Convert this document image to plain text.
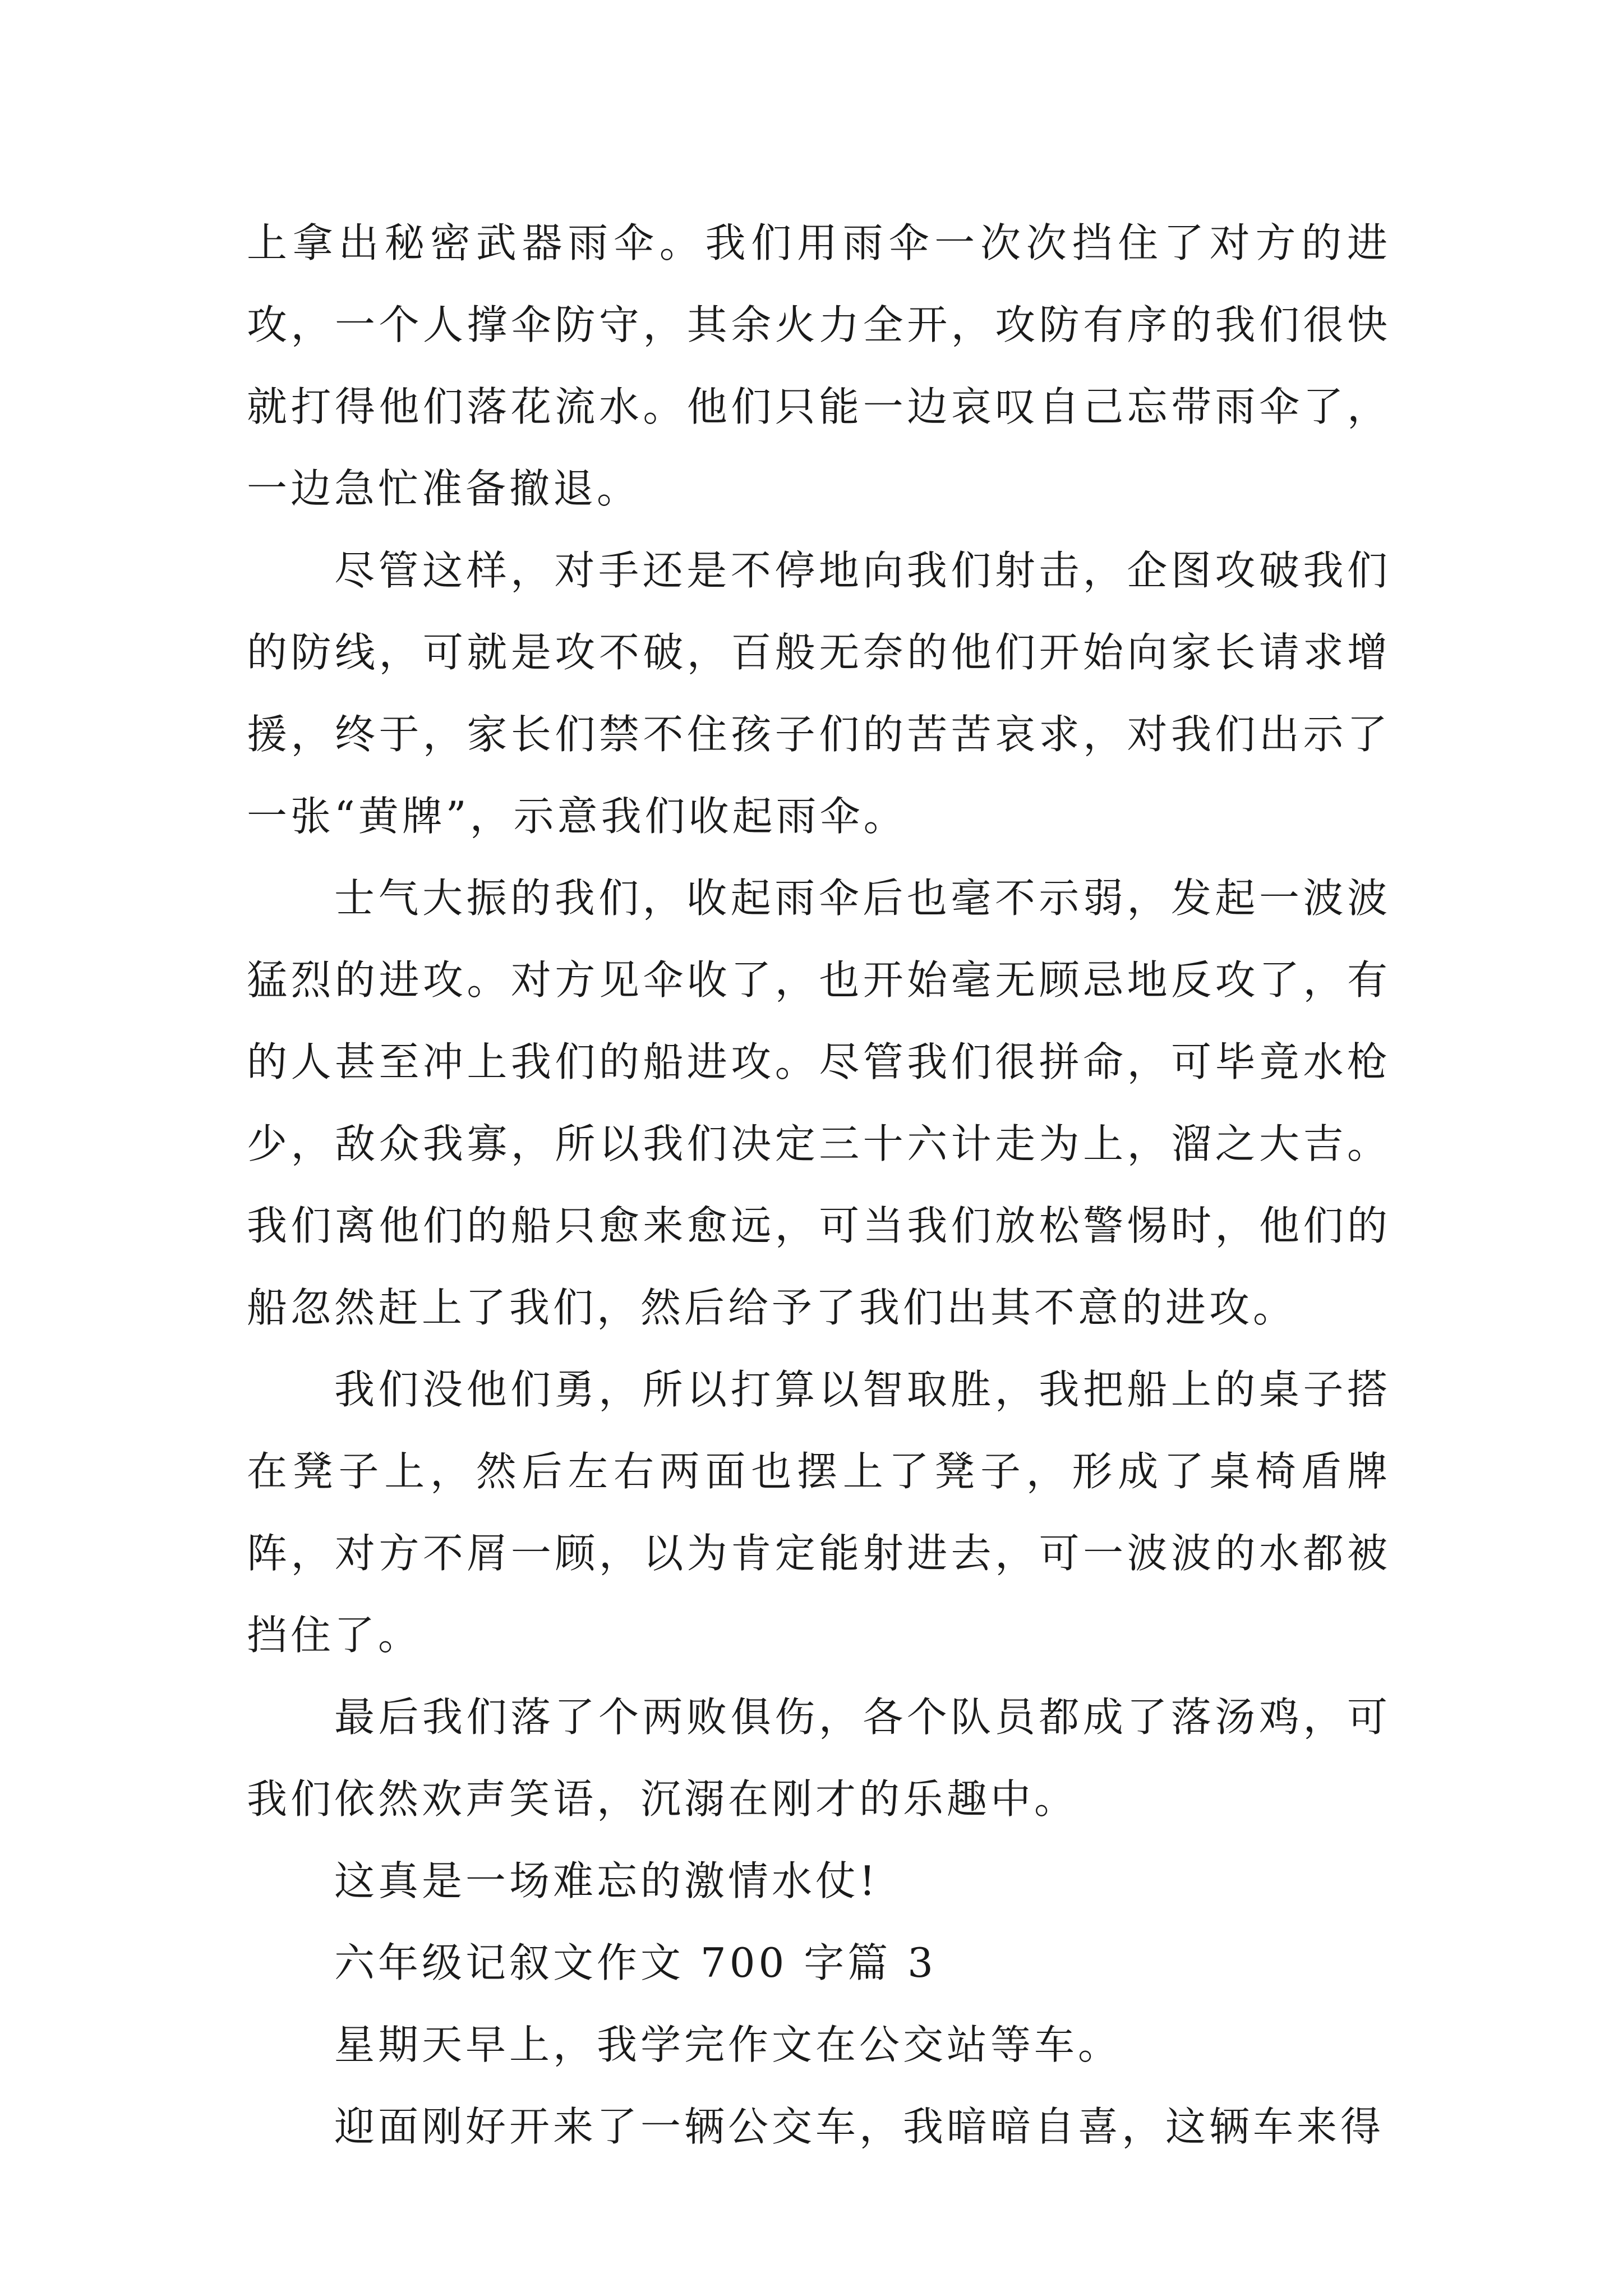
上拿出秘密武器雨伞。我们用雨伞一次次挡住了对方的进攻，一个人撑伞防守，其余火力全开，攻防有序的我们很快就打得他们落花流水。他们只能一边哀叹自己忘带雨伞了，一边急忙准备撤退。

尽管这样，对手还是不停地向我们射击，企图攻破我们的防线，可就是攻不破，百般无奈的他们开始向家长请求增援，终于，家长们禁不住孩子们的苦苦哀求，对我们出示了一张“黄牌”，示意我们收起雨伞。

士气大振的我们，收起雨伞后也毫不示弱，发起一波波猛烈的进攻。对方见伞收了，也开始毫无顾忌地反攻了，有的人甚至冲上我们的船进攻。尽管我们很拼命，可毕竟水枪少，敌众我寡，所以我们决定三十六计走为上，溜之大吉。我们离他们的船只愈来愈远，可当我们放松警惕时，他们的船忽然赶上了我们，然后给予了我们出其不意的进攻。

我们没他们勇，所以打算以智取胜，我把船上的桌子搭在凳子上，然后左右两面也摆上了凳子，形成了桌椅盾牌阵，对方不屑一顾，以为肯定能射进去，可一波波的水都被挡住了。

最后我们落了个两败俱伤，各个队员都成了落汤鸡，可我们依然欢声笑语，沉溺在刚才的乐趣中。

这真是一场难忘的激情水仗!

六年级记叙文作文 700 字篇 3

星期天早上，我学完作文在公交站等车。

迎面刚好开来了一辆公交车，我暗暗自喜，这辆车来得
